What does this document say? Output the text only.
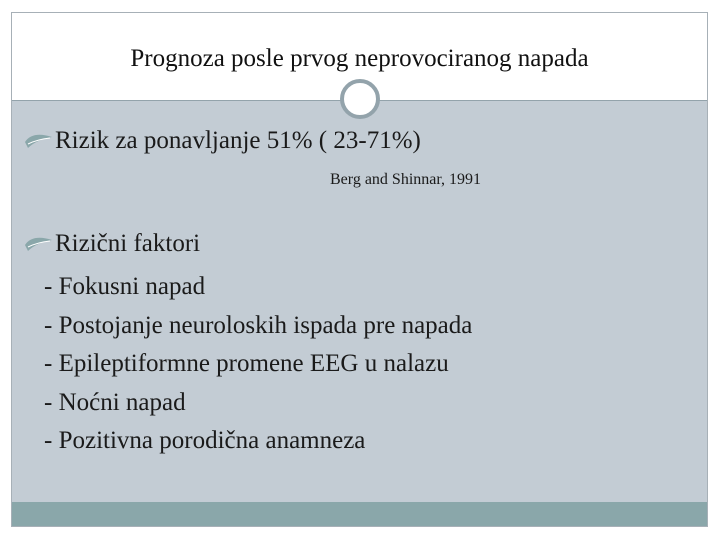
Prognoza posle prvog neprovociranog napada
Rizik za ponavljanje 51% ( 23-71%)
Berg and Shinnar, 1991
Rizični faktori
- Fokusni napad
- Postojanje neuroloskih ispada pre napada
- Epileptiformne promene EEG u nalazu
- Noćni napad
- Pozitivna porodična anamneza
